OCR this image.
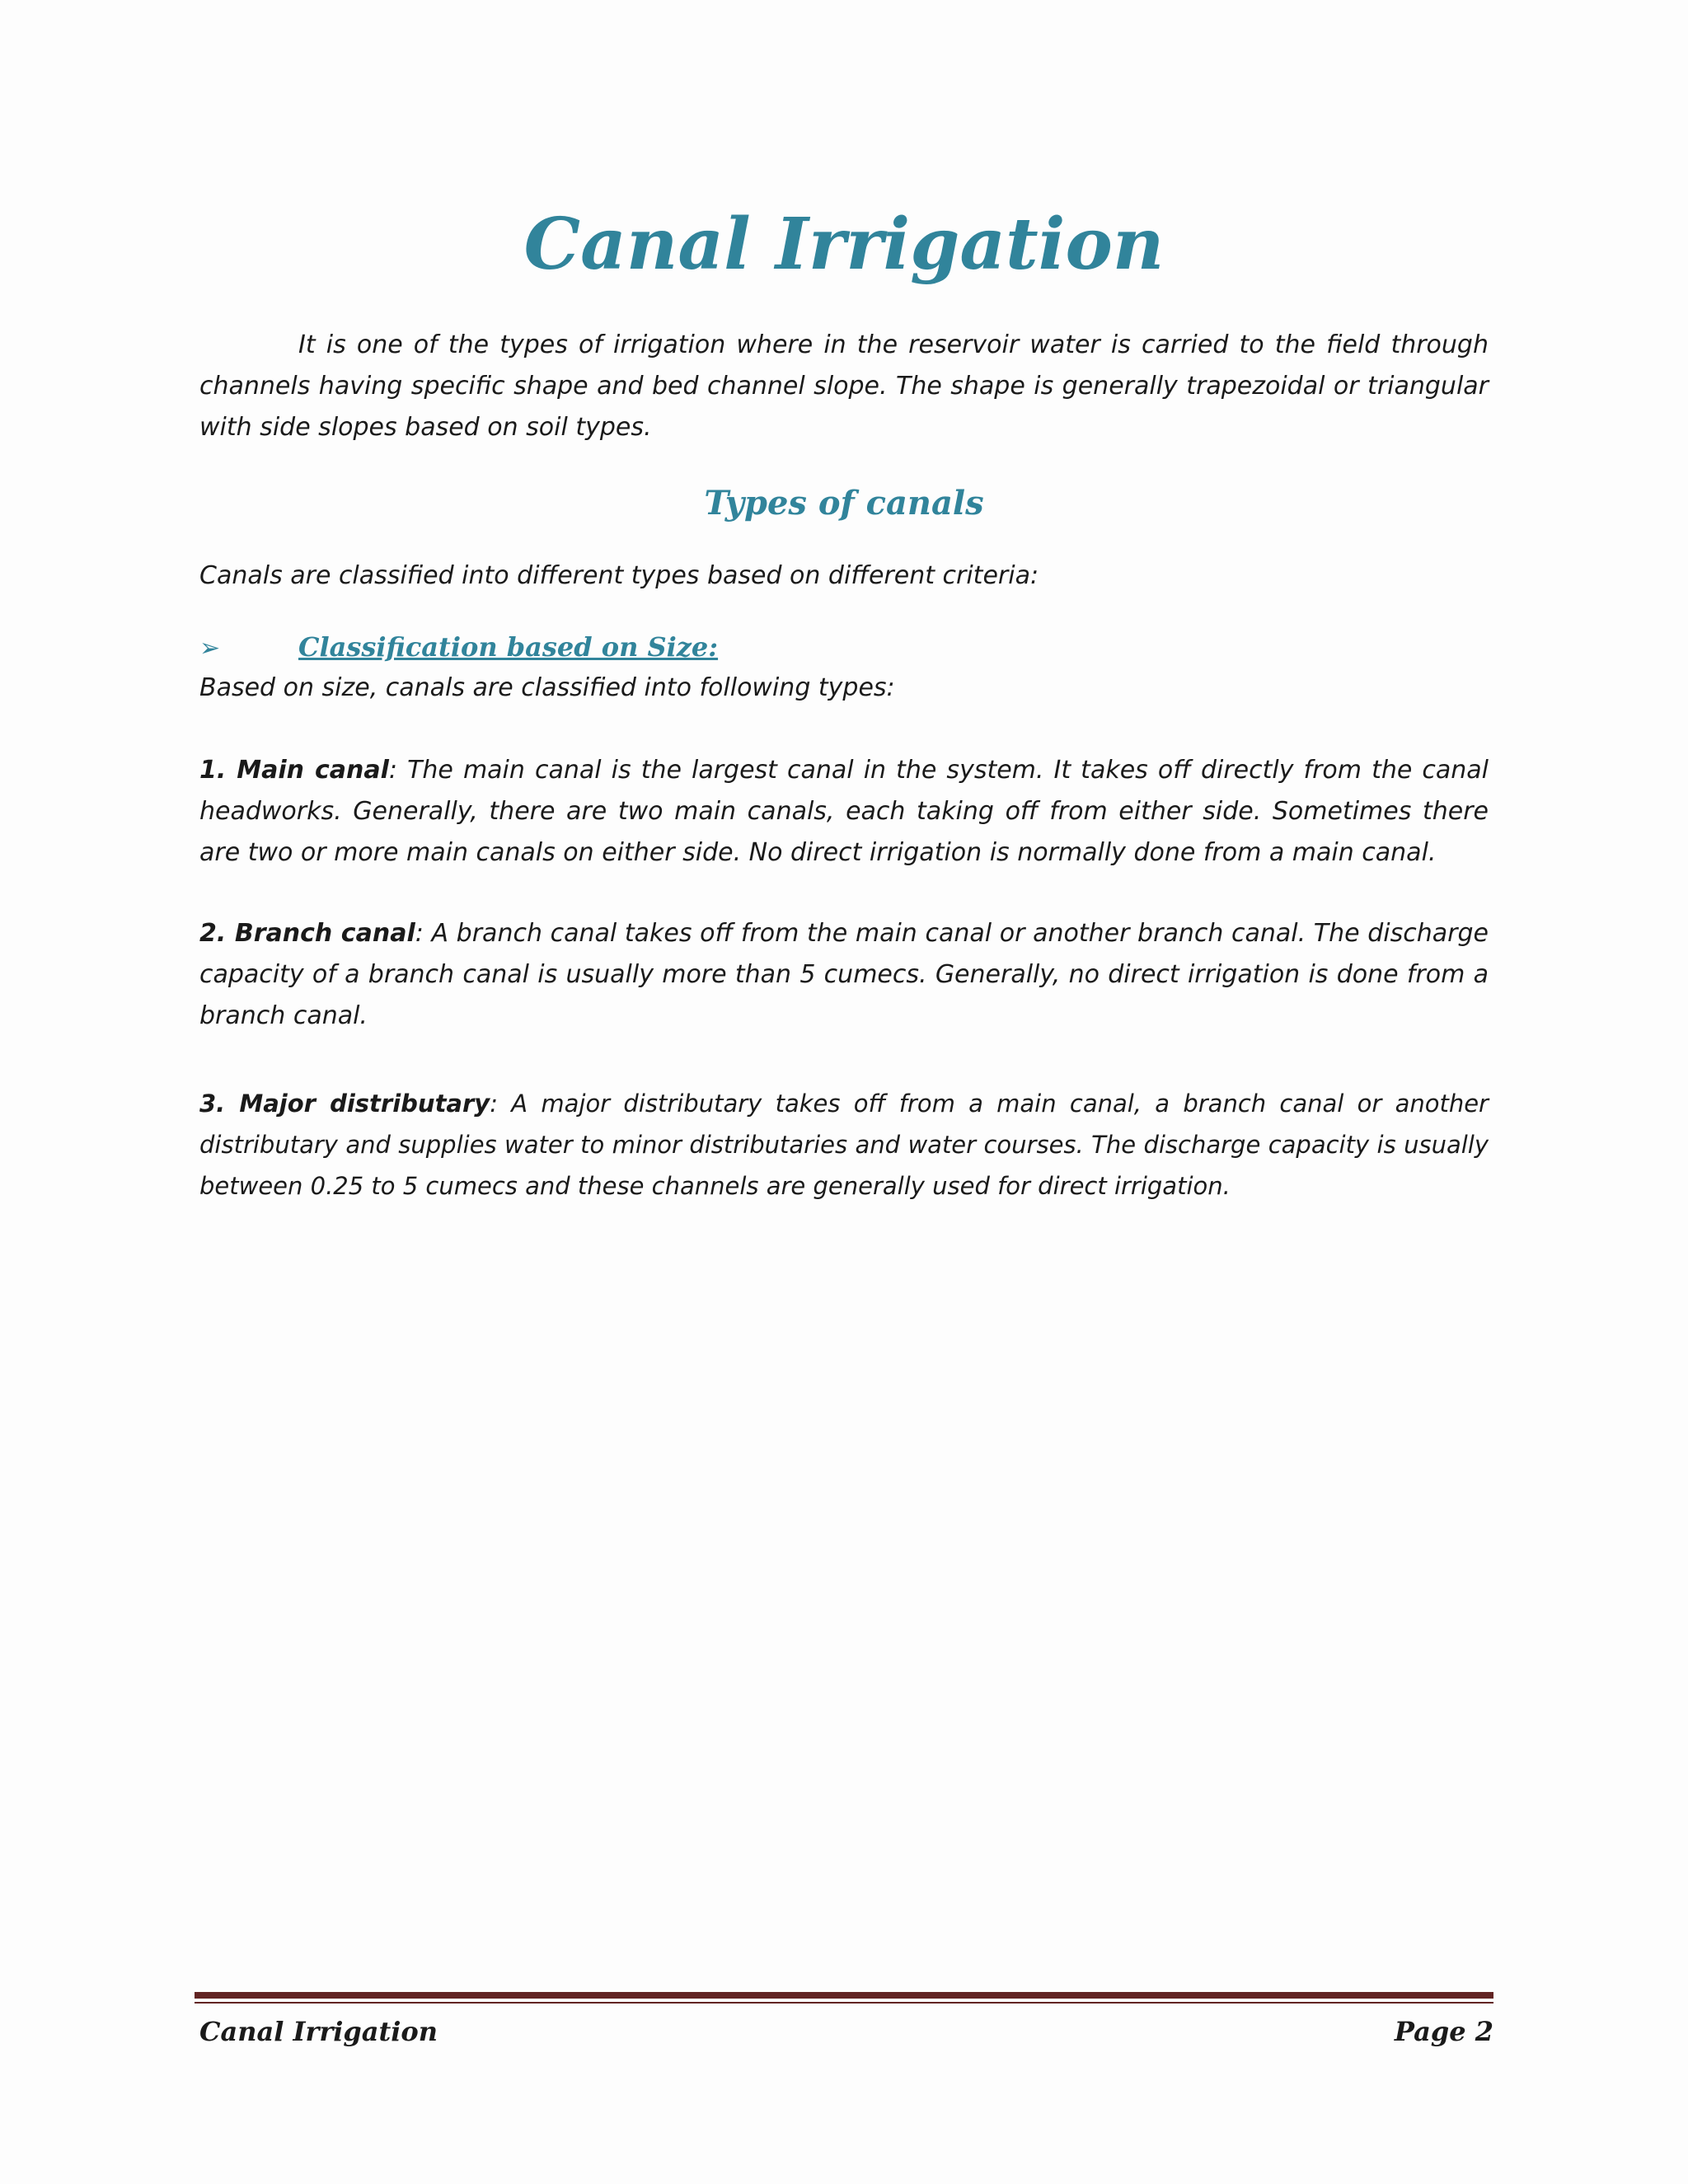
Canal Irrigation

It is one of the types of irrigation where in the reservoir water is carried to the field through channels having specific shape and bed channel slope. The shape is generally trapezoidal or triangular with side slopes based on soil types.

Types of canals

Canals are classified into different types based on different criteria:

➢	Classification based on Size:

Based on size, canals are classified into following types:

1. Main canal: The main canal is the largest canal in the system. It takes off directly from the canal headworks. Generally, there are two main canals, each taking off from either side. Sometimes there are two or more main canals on either side. No direct irrigation is normally done from a main canal.

2. Branch canal: A branch canal takes off from the main canal or another branch canal. The discharge capacity of a branch canal is usually more than 5 cumecs. Generally, no direct irrigation is done from a branch canal.

3. Major distributary: A major distributary takes off from a main canal, a branch canal or another distributary and supplies water to minor distributaries and water courses. The discharge capacity is usually between 0.25 to 5 cumecs and these channels are generally used for direct irrigation.

Canal Irrigation	Page 2
